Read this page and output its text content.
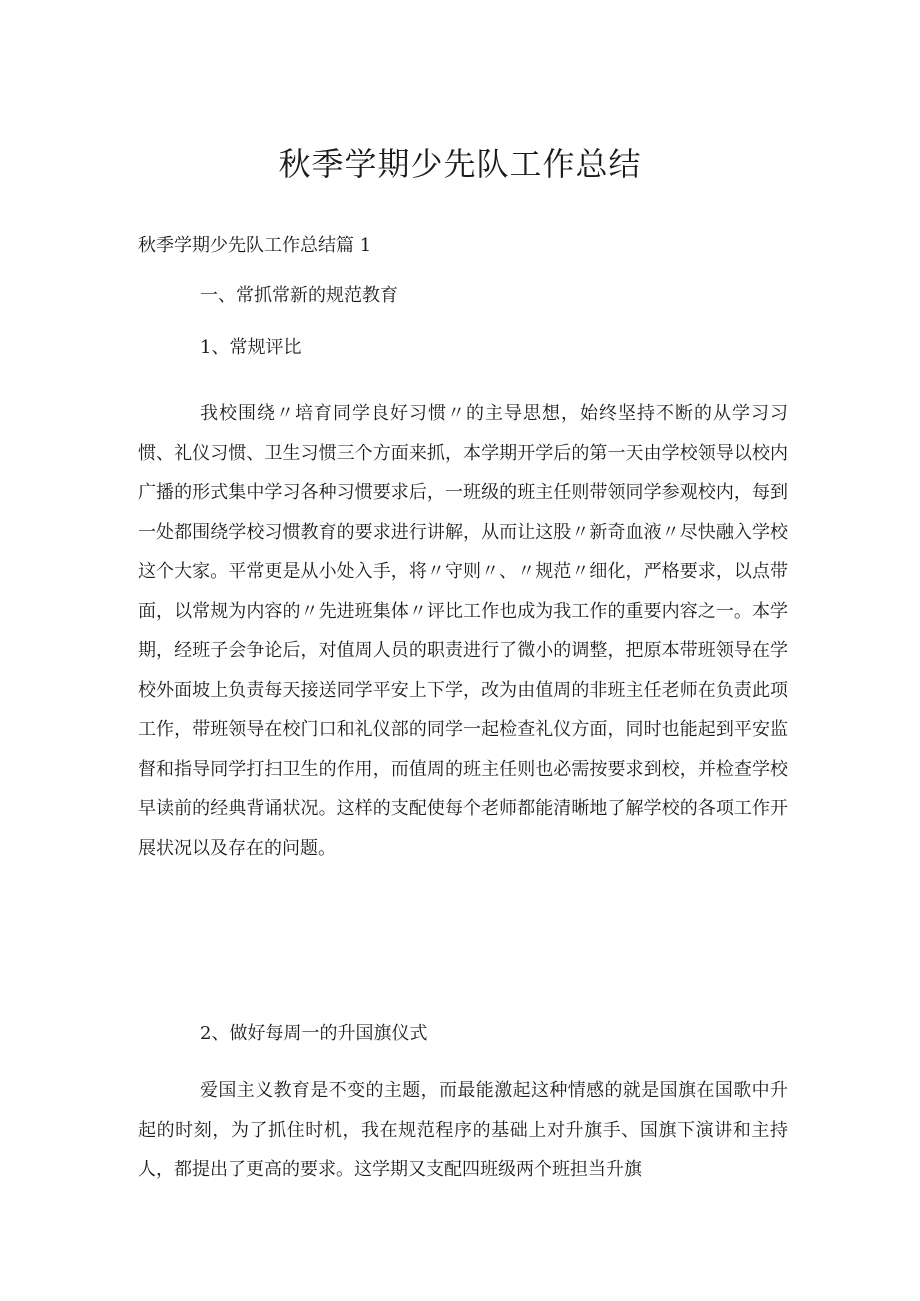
秋季学期少先队工作总结

秋季学期少先队工作总结篇 1

一、常抓常新的规范教育
1、常规评比

我校围绕〃培育同学良好习惯〃的主导思想，始终坚持不断的从学习习惯、礼仪习惯、卫生习惯三个方面来抓，本学期开学后的第一天由学校领导以校内广播的形式集中学习各种习惯要求后，一班级的班主任则带领同学参观校内，每到一处都围绕学校习惯教育的要求进行讲解，从而让这股〃新奇血液〃尽快融入学校这个大家。平常更是从小处入手，将〃守则〃、〃规范〃细化，严格要求，以点带面，以常规为内容的〃先进班集体〃评比工作也成为我工作的重要内容之一。本学期，经班子会争论后，对值周人员的职责进行了微小的调整，把原本带班领导在学校外面坡上负责每天接送同学平安上下学，改为由值周的非班主任老师在负责此项工作，带班领导在校门口和礼仪部的同学一起检查礼仪方面，同时也能起到平安监督和指导同学打扫卫生的作用，而值周的班主任则也必需按要求到校，并检查学校早读前的经典背诵状况。这样的支配使每个老师都能清晰地了解学校的各项工作开展状况以及存在的问题。

2、做好每周一的升国旗仪式

爱国主义教育是不变的主题，而最能激起这种情感的就是国旗在国歌中升起的时刻，为了抓住时机，我在规范程序的基础上对升旗手、国旗下演讲和主持人，都提出了更高的要求。这学期又支配四班级两个班担当升旗
